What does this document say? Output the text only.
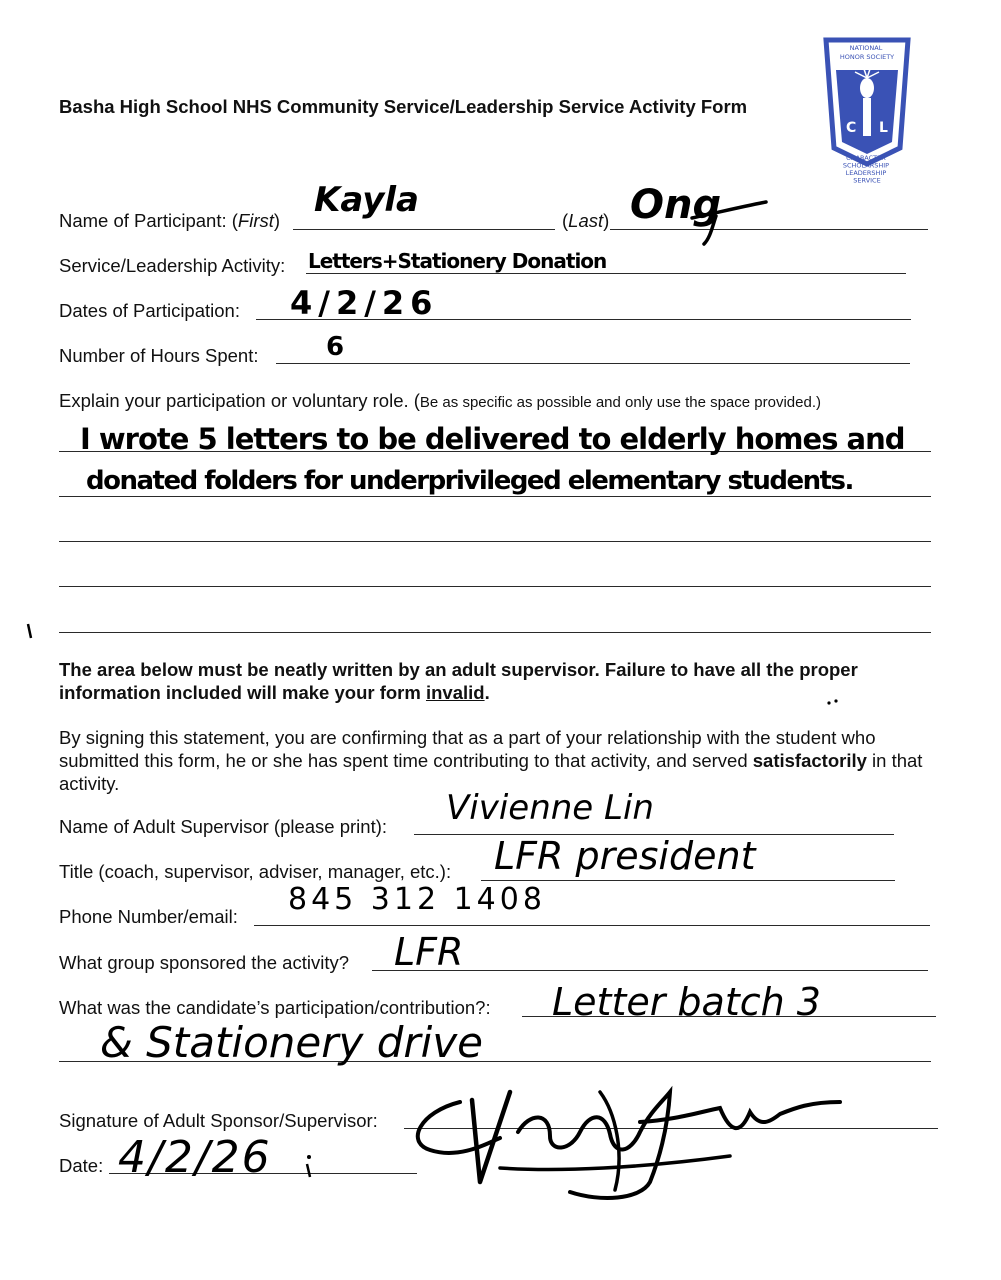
Basha High School NHS Community Service/Leadership Service Activity Form
C L
NATIONAL HONOR SOCIETY
CHARACTER SCHOLARSHIP LEADERSHIP SERVICE
Name of Participant: (First)
Kayla
(Last) Ong
Service/Leadership Activity: Letters+Stationery Donation
Dates of Participation: 4/2/26
Number of Hours Spent:	6
Explain your participation or voluntary role. (Be as specific as possible and only use the space provided.)
I wrote 5 letters to be delivered to elderly homes and
donated folders for underprivileged elementary students.
The area below must be neatly written by an adult supervisor. Failure to have all the proper information included will make your form invalid.
By signing this statement, you are confirming that as a part of your relationship with the student who submitted this form, he or she has spent time contributing to that activity, and served satisfactorily in that activity.
Name of Adult Supervisor (please print): Vivienne Lin
Title (coach, supervisor, adviser, manager, etc.): LFR president
Phone Number/email: 845 312 1408
What group sponsored the activity? LFR
What was the candidate’s participation/contribution?: Letter batch 3
& Stationery drive
Signature of Adult Sponsor/Supervisor:
Date: 4/2/26
